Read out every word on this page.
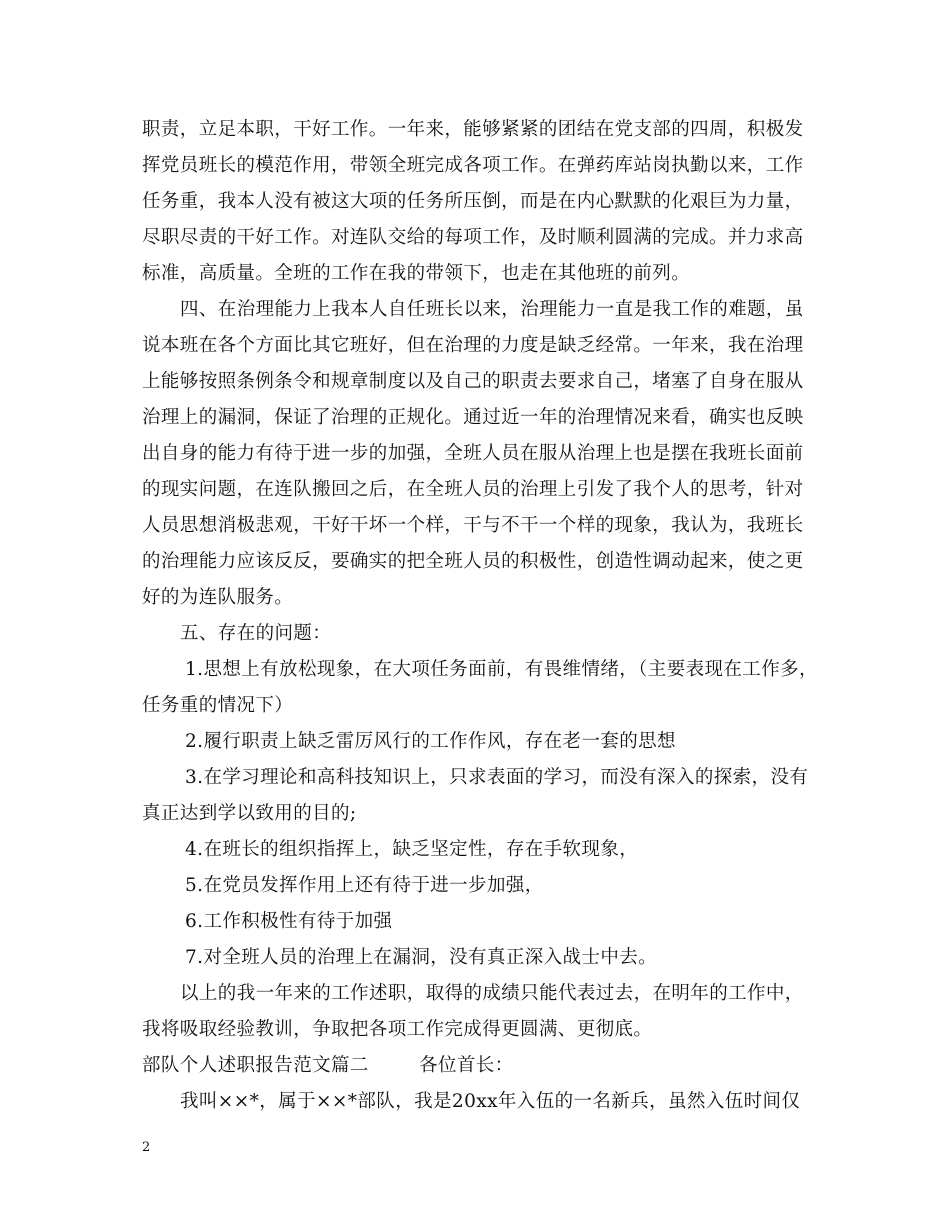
职责，立足本职，干好工作。一年来，能够紧紧的团结在党支部的四周，积极发
挥党员班长的模范作用，带领全班完成各项工作。在弹药库站岗执勤以来，工作
任务重，我本人没有被这大项的任务所压倒，而是在内心默默的化艰巨为力量，
尽职尽责的干好工作。对连队交给的每项工作，及时顺利圆满的完成。并力求高
标准，高质量。全班的工作在我的带领下，也走在其他班的前列。
四、在治理能力上我本人自任班长以来，治理能力一直是我工作的难题，虽
说本班在各个方面比其它班好，但在治理的力度是缺乏经常。一年来，我在治理
上能够按照条例条令和规章制度以及自己的职责去要求自己，堵塞了自身在服从
治理上的漏洞，保证了治理的正规化。通过近一年的治理情况来看，确实也反映
出自身的能力有待于进一步的加强，全班人员在服从治理上也是摆在我班长面前
的现实问题，在连队搬回之后，在全班人员的治理上引发了我个人的思考，针对
人员思想消极悲观，干好干坏一个样，干与不干一个样的现象，我认为，我班长
的治理能力应该反反，要确实的把全班人员的积极性，创造性调动起来，使之更
好的为连队服务。
五、存在的问题：
1.思想上有放松现象，在大项任务面前，有畏维情绪，（主要表现在工作多，
任务重的情况下）
2.履行职责上缺乏雷厉风行的工作作风，存在老一套的思想
3.在学习理论和高科技知识上，只求表面的学习，而没有深入的探索，没有
真正达到学以致用的目的;
4.在班长的组织指挥上，缺乏坚定性，存在手软现象，
5.在党员发挥作用上还有待于进一步加强，
6.工作积极性有待于加强
7.对全班人员的治理上在漏洞，没有真正深入战士中去。
以上的我一年来的工作述职，取得的成绩只能代表过去，在明年的工作中，
我将吸取经验教训，争取把各项工作完成得更圆满、更彻底。
部队个人述职报告范文篇二        各位首长：
我叫××*，属于××*部队，我是20xx年入伍的一名新兵，虽然入伍时间仅
2
